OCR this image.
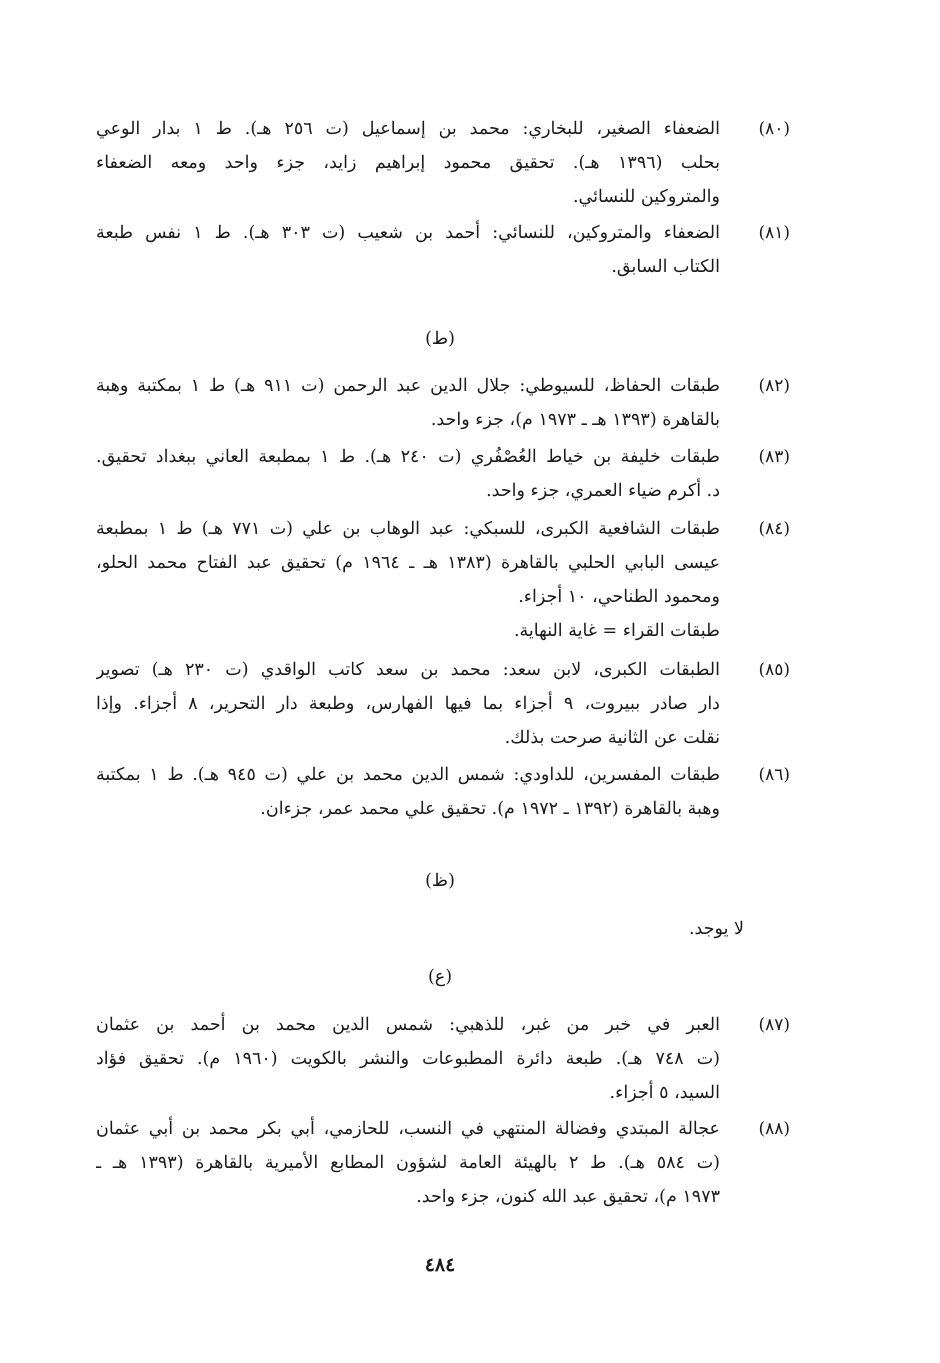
(٨٠)
الضعفاء الصغير، للبخاري: محمد بن إسماعيل (ت ٢٥٦ هـ). ط ١ بدار الوعي
بحلب (١٣٩٦ هـ). تحقيق محمود إبراهيم زايد، جزء واحد ومعه الضعفاء
والمتروكين للنسائي.
(٨١)
الضعفاء والمتروكين، للنسائي: أحمد بن شعيب (ت ٣٠٣ هـ). ط ١ نفس طبعة
الكتاب السابق.
(ط)
(٨٢)
طبقات الحفاظ، للسيوطي: جلال الدين عبد الرحمن (ت ٩١١ هـ) ط ١ بمكتبة وهبة
بالقاهرة (١٣٩٣ هـ ـ ١٩٧٣ م)، جزء واحد.
(٨٣)
طبقات خليفة بن خياط العُصْفُري (ت ٢٤٠ هـ). ط ١ بمطبعة العاني ببغداد تحقيق.
د. أكرم ضياء العمري، جزء واحد.
(٨٤)
طبقات الشافعية الكبرى، للسبكي: عبد الوهاب بن علي (ت ٧٧١ هـ) ط ١ بمطبعة
عيسى البابي الحلبي بالقاهرة (١٣٨٣ هـ ـ ١٩٦٤ م) تحقيق عبد الفتاح محمد الحلو،
ومحمود الطناحي، ١٠ أجزاء.
طبقات القراء = غاية النهاية.
(٨٥)
الطبقات الكبرى، لابن سعد: محمد بن سعد كاتب الواقدي (ت ٢٣٠ هـ) تصوير
دار صادر ببيروت، ٩ أجزاء بما فيها الفهارس، وطبعة دار التحرير، ٨ أجزاء. وإذا
نقلت عن الثانية صرحت بذلك.
(٨٦)
طبقات المفسرين، للداودي: شمس الدين محمد بن علي (ت ٩٤٥ هـ). ط ١ بمكتبة
وهبة بالقاهرة (١٣٩٢ ـ ١٩٧٢ م). تحقيق علي محمد عمر، جزءان.
(ظ)
لا يوجد.
(ع)
(٨٧)
العبر في خبر من غبر، للذهبي: شمس الدين محمد بن أحمد بن عثمان
(ت ٧٤٨ هـ). طبعة دائرة المطبوعات والنشر بالكويت (١٩٦٠ م). تحقيق فؤاد
السيد، ٥ أجزاء.
(٨٨)
عجالة المبتدي وفضالة المنتهي في النسب، للحازمي، أبي بكر محمد بن أبي عثمان
(ت ٥٨٤ هـ). ط ٢ بالهيئة العامة لشؤون المطابع الأميرية بالقاهرة (١٣٩٣ هـ ـ
١٩٧٣ م)، تحقيق عبد الله كنون، جزء واحد.
٤٨٤
